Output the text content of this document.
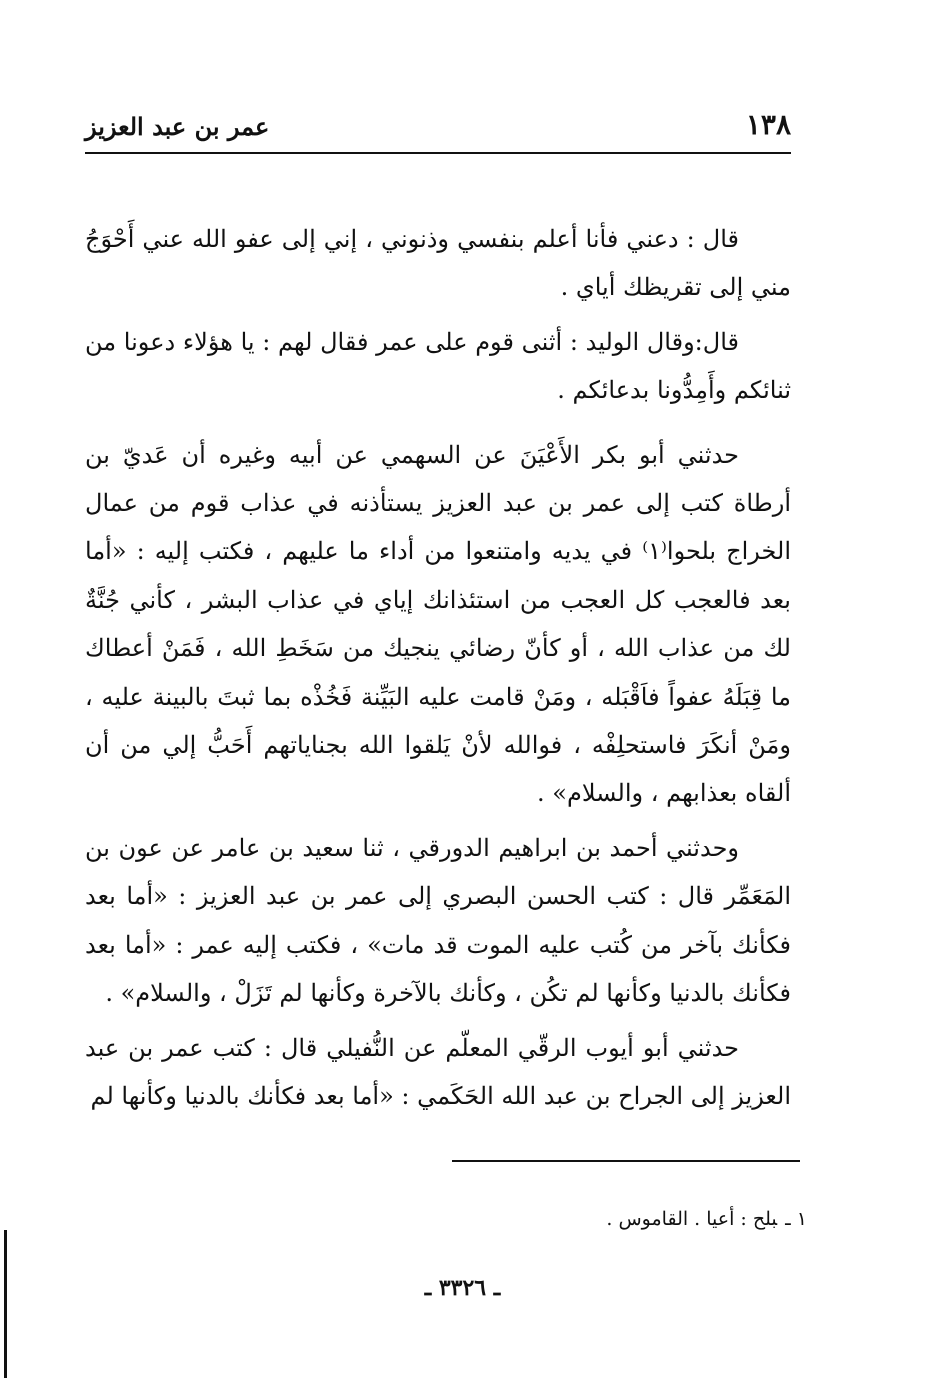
١٣٨
عمر بن عبد العزيز

قال : دعني فأنا أعلم بنفسي وذنوني ، إني إلى عفو الله عني أَحْوَجُ مني إلى تقريظك أياي .

قال:وقال الوليد : أثنى قوم على عمر فقال لهم : يا هؤلاء دعونا من ثنائكم وأَمِدُّونا بدعائكم .

حدثني أبو بكر الأَعْيَنَ عن السهمي عن أبيه وغيره أن عَديّ بن أرطاة كتب إلى عمر بن عبد العزيز يستأذنه في عذاب قوم من عمال الخراج بلحوا⁽١⁾ في يديه وامتنعوا من أداء ما عليهم ، فكتب إليه : «أما بعد فالعجب كل العجب من استئذانك إياي في عذاب البشر ، كأني جُنَّةٌ لك من عذاب الله ، أو كأنّ رضائي ينجيك من سَخَطِ الله ، فَمَنْ أعطاك ما قِبَلَهُ عفواً فاَقْبَله ، ومَنْ قامت عليه البَيِّنة فَخُذْه بما ثبتَ بالبينة عليه ، ومَنْ أنكَرَ فاستحلِفْه ، فوالله لأنْ يَلقوا الله بجناياتهم أَحَبُّ إلي من أن ألقاه بعذابهم ، والسلام» .

وحدثني أحمد بن ابراهيم الدورقي ، ثنا سعيد بن عامر عن عون بن المَعَمِّر قال : كتب الحسن البصري إلى عمر بن عبد العزيز : «أما بعد فكأنك بآخر من كُتب عليه الموت قد مات» ، فكتب إليه عمر : «أما بعد فكأنك بالدنيا وكأنها لم تكُن ، وكأنك بالآخرة وكأنها لم تَزَلْ ، والسلام» .

حدثني أبو أيوب الرقّي المعلّم عن النُّفيلي قال : كتب عمر بن عبد العزيز إلى الجراح بن عبد الله الحَكَمي : «أما بعد فكأنك بالدنيا وكأنها لم

١ ـبلح : أعيا . القاموس .
ـ ٣٣٢٦ ـ
